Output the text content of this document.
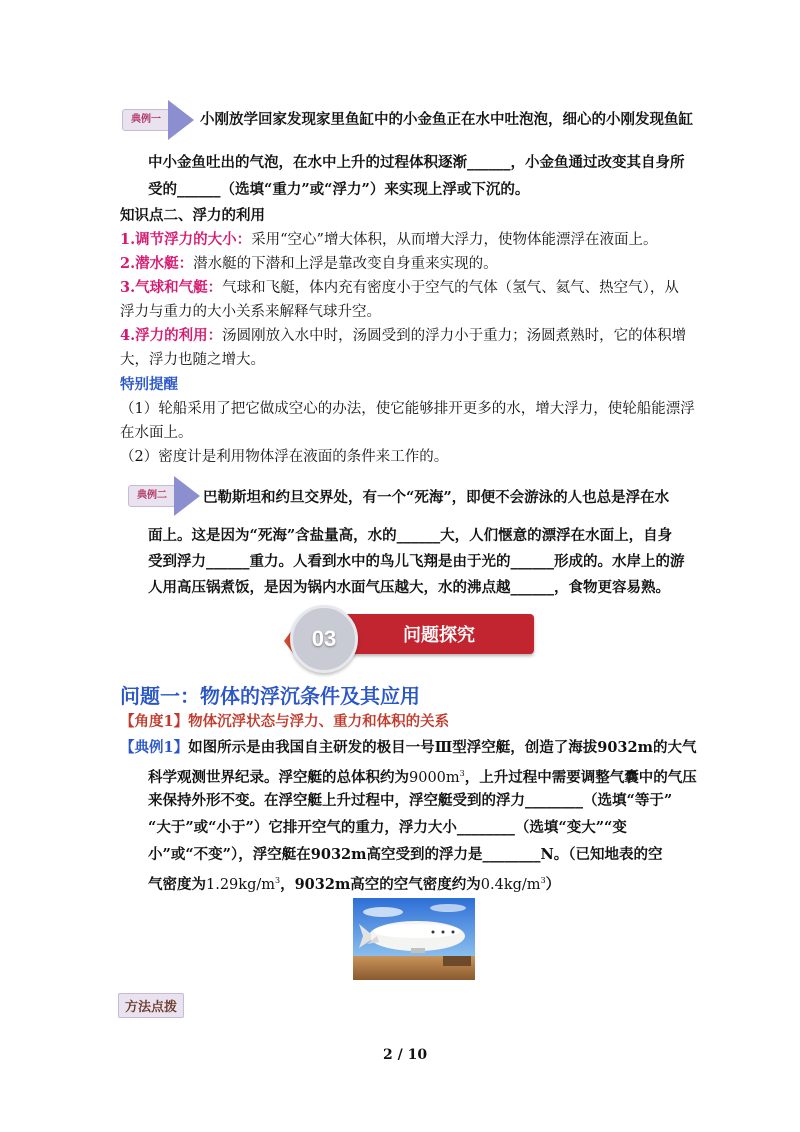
典例一	小刚放学回家发现家里鱼缸中的小金鱼正在水中吐泡泡，细心的小刚发现鱼缸
中小金鱼吐出的气泡，在水中上升的过程体积逐渐______，小金鱼通过改变其自身所
受的______（选填“重力”或“浮力”）来实现上浮或下沉的。
知识点二、浮力的利用
1.调节浮力的大小：采用“空心”增大体积，从而增大浮力，使物体能漂浮在液面上。
2.潜水艇：潜水艇的下潜和上浮是靠改变自身重来实现的。
3.气球和气艇：气球和飞艇，体内充有密度小于空气的气体（氢气、氦气、热空气），从
浮力与重力的大小关系来解释气球升空。
4.浮力的利用：汤圆刚放入水中时，汤圆受到的浮力小于重力；汤圆煮熟时，它的体积增
大，浮力也随之增大。
特别提醒
（1）轮船采用了把它做成空心的办法，使它能够排开更多的水，增大浮力，使轮船能漂浮
在水面上。
（2）密度计是利用物体浮在液面的条件来工作的。
典例二	巴勒斯坦和约旦交界处，有一个“死海”，即便不会游泳的人也总是浮在水
面上。这是因为“死海”含盐量高，水的______大，人们惬意的漂浮在水面上，自身
受到浮力______重力。人看到水中的鸟儿飞翔是由于光的______形成的。水岸上的游
人用高压锅煮饭，是因为锅内水面气压越大，水的沸点越______，食物更容易熟。
问题探究
03
问题一：物体的浮沉条件及其应用
【角度1】物体沉浮状态与浮力、重力和体积的关系
【典例1】如图所示是由我国自主研发的极目一号Ⅲ型浮空艇，创造了海拔9032m的大气
科学观测世界纪录。浮空艇的总体积约为$9000m^3$，上升过程中需要调整气囊中的气压
来保持外形不变。在浮空艇上升过程中，浮空艇受到的浮力________（选填“等于”
“大于”或“小于”）它排开空气的重力，浮力大小________（选填“变大”“变
小”或“不变”），浮空艇在9032m高空受到的浮力是________N。（已知地表的空
气密度为$1.29kg/m^3$，9032m高空的空气密度约为$0.4kg/m^3$）
方法点拨
2 / 10
